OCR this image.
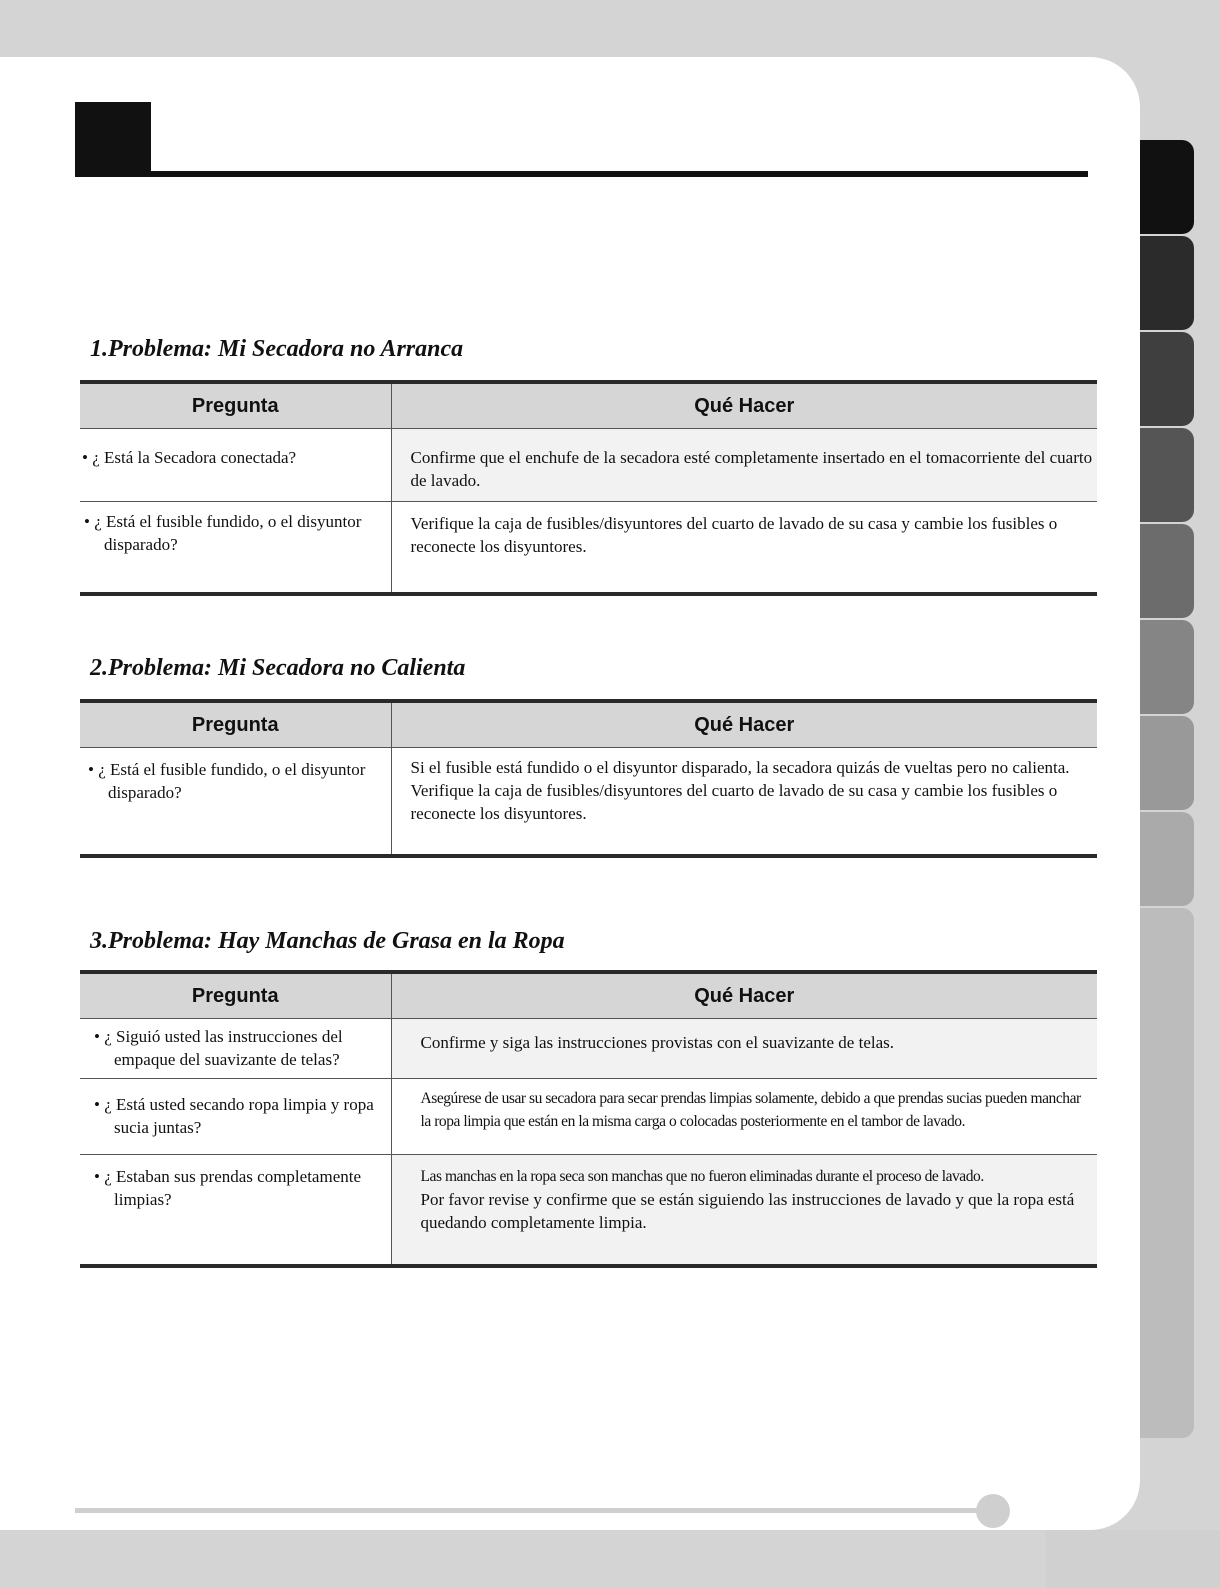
1.Problema: Mi Secadora no Arranca
Pregunta	Qué Hacer

• ¿ Está la Secadora conectada?	Confirme que el enchufe de la secadora esté completamente insertado en el tomacorriente del cuarto de lavado.

• ¿ Está el fusible fundido, o el disyuntor disparado?	Verifique la caja de fusibles/disyuntores del cuarto de lavado de su casa y cambie los fusibles o reconecte los disyuntores.
2.Problema: Mi Secadora no Calienta
Pregunta	Qué Hacer

• ¿ Está el fusible fundido, o el disyuntor disparado?	Si el fusible está fundido o el disyuntor disparado, la secadora quizás de vueltas pero no calienta. Verifique la caja de fusibles/disyuntores del cuarto de lavado de su casa y cambie los fusibles o reconecte los disyuntores.
3.Problema: Hay Manchas de Grasa en la Ropa
Pregunta	Qué Hacer

• ¿ Siguió usted las instrucciones del empaque del suavizante de telas?	Confirme y siga las instrucciones provistas con el suavizante de telas.

• ¿ Está usted secando ropa limpia y ropa sucia juntas?	Asegúrese de usar su secadora para secar prendas limpias solamente, debido a que prendas sucias pueden manchar la ropa limpia que están en la misma carga o colocadas posteriormente en el tambor de lavado.

• ¿ Estaban sus prendas completamente limpias?	Las manchas en la ropa seca son manchas que no fueron eliminadas durante el proceso de lavado.
Por favor revise y confirme que se están siguiendo las instrucciones de lavado y que la ropa está quedando completamente limpia.
